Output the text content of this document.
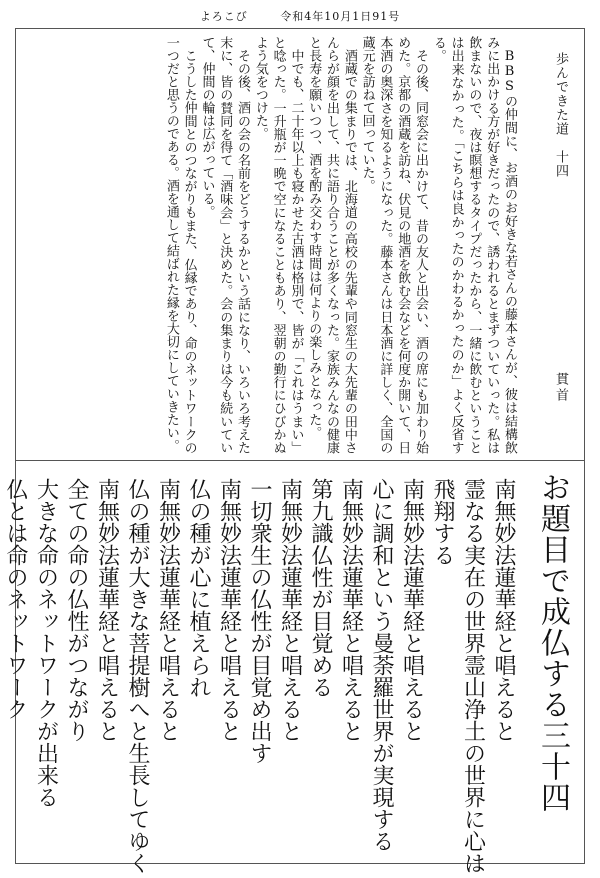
よろこび	令和4年10月1日91号
歩んできた道　十四
貫首

BBSの仲間に、お酒のお好きな若さんの藤本さんが、彼は結構飲みに出かける方が好きだったので、誘われるとまずついていった。私は飲まないので、夜は瞑想するタイプだったから、一緒に飲むということは出来なかった。「こちらは良かったのかわるかったのか」よく反省する。

その後、同窓会に出かけて、昔の友人と出会い、酒の席にも加わり始めた。京都の酒蔵を訪ね、伏見の地酒を飲む会などを何度か開いて、日本酒の奥深さを知るようになった。藤本さんは日本酒に詳しく、全国の蔵元を訪ねて回っていた。

酒蔵での集まりでは、北海道の高校の先輩や同窓生の大先輩の田中さんらが顔を出して、共に語り合うことが多くなった。家族みんなの健康と長寿を願いつつ、酒を酌み交わす時間は何よりの楽しみとなった。

中でも、二十年以上も寝かせた古酒は格別で、皆が「これはうまい」と唸った。一升瓶が一晩で空になることもあり、翌朝の勤行にひびかぬよう気をつけた。

その後、酒の会の名前をどうするかという話になり、いろいろ考えた末に、皆の賛同を得て「酒味会」と決めた。会の集まりは今も続いていて、仲間の輪は広がっている。

こうした仲間とのつながりもまた、仏縁であり、命のネットワークの一つだと思うのである。酒を通して結ばれた縁を大切にしていきたい。

お題目で成仏する三十四
南無妙法蓮華経と唱えると
霊なる実在の世界霊山浄土の世界に心は
飛翔する
南無妙法蓮華経と唱えると
心に調和という曼荼羅世界が実現する
南無妙法蓮華経と唱えると
第九識仏性が目覚める
南無妙法蓮華経と唱えると
一切衆生の仏性が目覚め出す
南無妙法蓮華経と唱えると
仏の種が心に植えられ
南無妙法蓮華経と唱えると
仏の種が大きな菩提樹へと生長してゆく
南無妙法蓮華経と唱えると
全ての命の仏性がつながり
大きな命のネットワークが出来る
仏とは命のネットワーク
